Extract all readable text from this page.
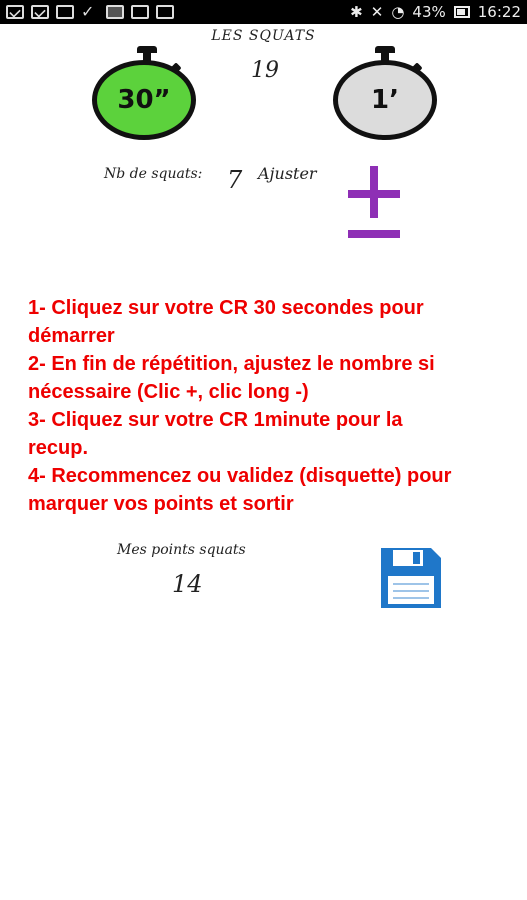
✓	✱ ✕ ◔ 43% 16:22
LES SQUATS
19
30”	1’
Nb de squats: 7 Ajuster
1- Cliquez sur votre CR 30 secondes pour
démarrer
2- En fin de répétition, ajustez le nombre si
nécessaire (Clic +, clic long -)
3- Cliquez sur votre CR 1minute pour la
recup.
4- Recommencez ou validez (disquette) pour
marquer vos points et sortir
Mes points squats
14
